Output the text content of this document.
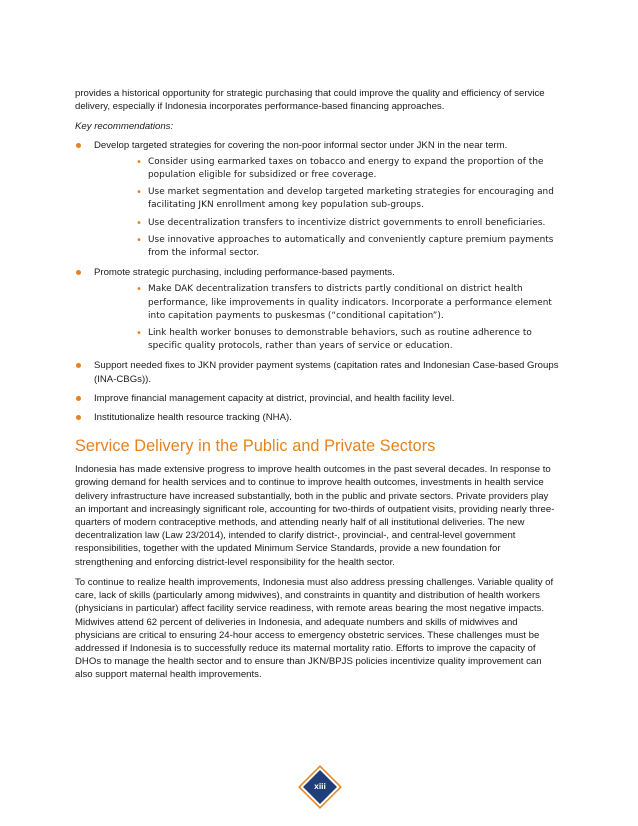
provides a historical opportunity for strategic purchasing that could improve the quality and efficiency of service delivery, especially if Indonesia incorporates performance-based financing approaches.

Key recommendations:

Develop targeted strategies for covering the non-poor informal sector under JKN in the near term.

• Consider using earmarked taxes on tobacco and energy to expand the proportion of the population eligible for subsidized or free coverage.

• Use market segmentation and develop targeted marketing strategies for encouraging and facilitating JKN enrollment among key population sub-groups.

• Use decentralization transfers to incentivize district governments to enroll beneficiaries.

• Use innovative approaches to automatically and conveniently capture premium payments from the informal sector.

Promote strategic purchasing, including performance-based payments.

• Make DAK decentralization transfers to districts partly conditional on district health performance, like improvements in quality indicators. Incorporate a performance element into capitation payments to puskesmas (“conditional capitation”).

• Link health worker bonuses to demonstrable behaviors, such as routine adherence to specific quality protocols, rather than years of service or education.

Support needed fixes to JKN provider payment systems (capitation rates and Indonesian Case-based Groups (INA-CBGs)).
Improve financial management capacity at district, provincial, and health facility level.
Institutionalize health resource tracking (NHA).
Service Delivery in the Public and Private Sectors

Indonesia has made extensive progress to improve health outcomes in the past several decades. In response to growing demand for health services and to continue to improve health outcomes, investments in health service delivery infrastructure have increased substantially, both in the public and private sectors. Private providers play an important and increasingly significant role, accounting for two-thirds of outpatient visits, providing nearly three-quarters of modern contraceptive methods, and attending nearly half of all institutional deliveries. The new decentralization law (Law 23/2014), intended to clarify district-, provincial-, and central-level government responsibilities, together with the updated Minimum Service Standards, provide a new foundation for strengthening and enforcing district-level responsibility for the health sector.

To continue to realize health improvements, Indonesia must also address pressing challenges. Variable quality of care, lack of skills (particularly among midwives), and constraints in quantity and distribution of health workers (physicians in particular) affect facility service readiness, with remote areas bearing the most negative impacts. Midwives attend 62 percent of deliveries in Indonesia, and adequate numbers and skills of midwives and physicians are critical to ensuring 24-hour access to emergency obstetric services. These challenges must be addressed if Indonesia is to successfully reduce its maternal mortality ratio. Efforts to improve the capacity of DHOs to manage the health sector and to ensure than JKN/BPJS policies incentivize quality improvement can also support maternal health improvements.

xiii
